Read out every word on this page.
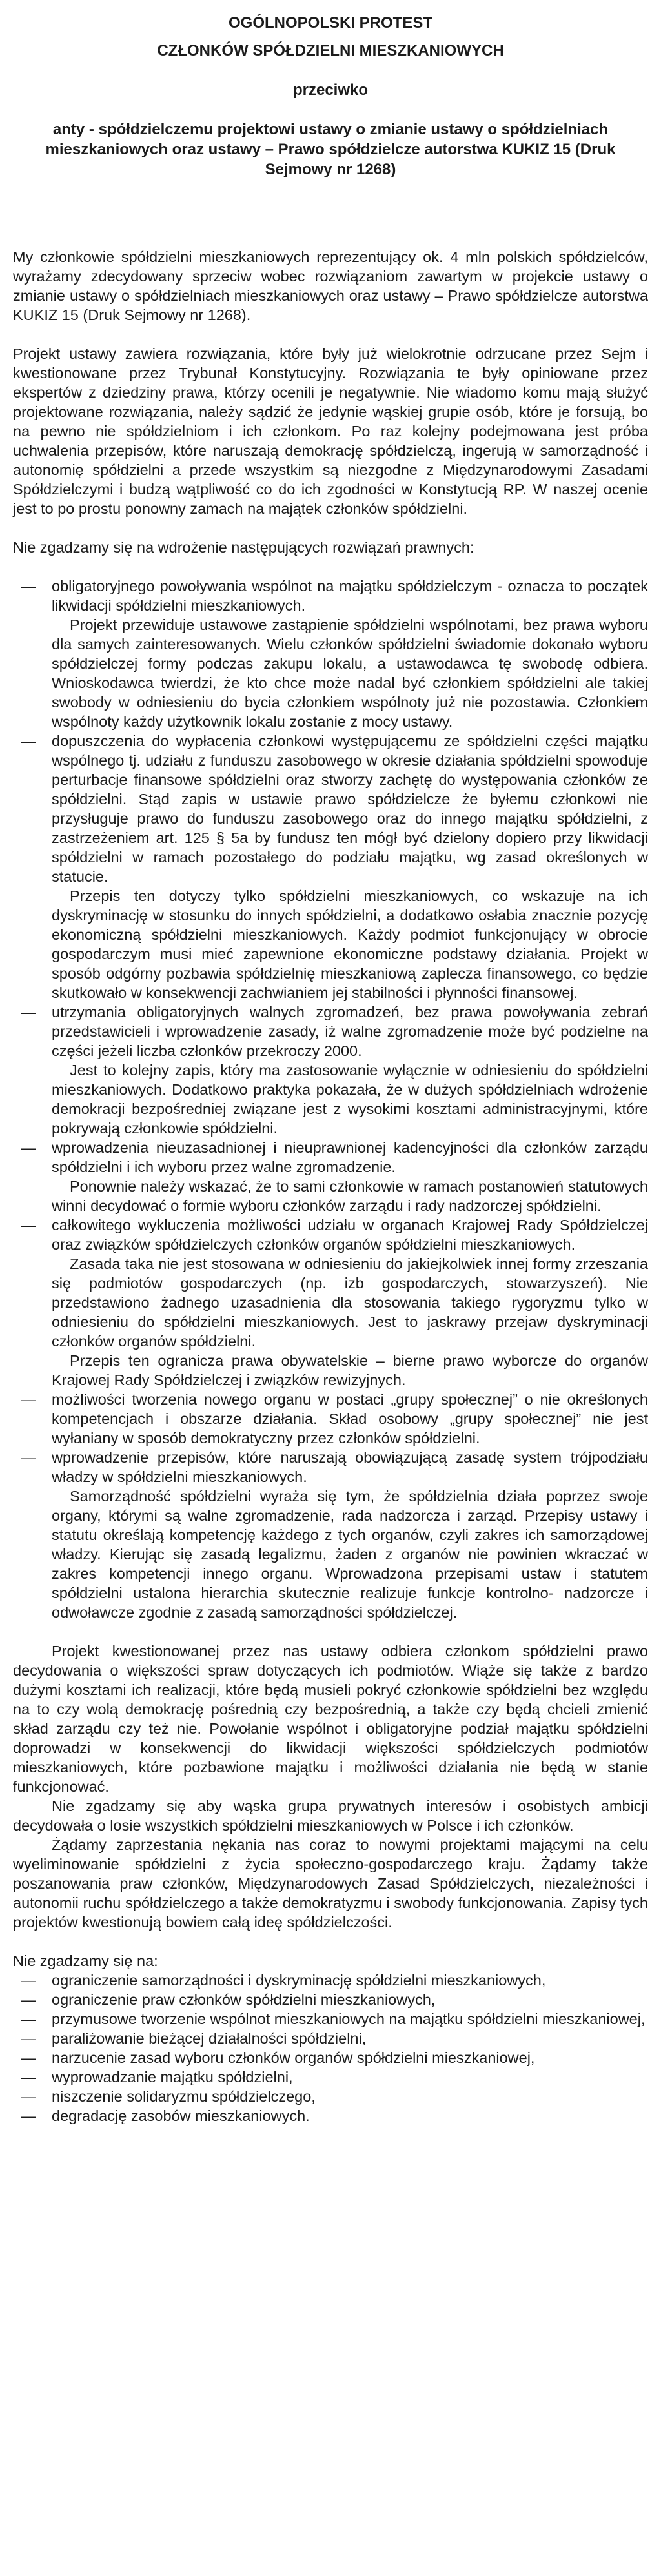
OGÓLNOPOLSKI PROTEST
CZŁONKÓW SPÓŁDZIELNI MIESZKANIOWYCH
przeciwko
anty - spółdzielczemu projektowi ustawy o zmianie ustawy o spółdzielniach mieszkaniowych oraz ustawy – Prawo spółdzielcze autorstwa KUKIZ 15 (Druk Sejmowy nr 1268)

My członkowie spółdzielni mieszkaniowych reprezentujący ok. 4 mln polskich spółdzielców, wyrażamy zdecydowany sprzeciw wobec rozwiązaniom zawartym w projekcie ustawy o zmianie ustawy o spółdzielniach mieszkaniowych oraz ustawy – Prawo spółdzielcze autorstwa KUKIZ 15 (Druk Sejmowy nr 1268).

Projekt ustawy zawiera rozwiązania, które były już wielokrotnie odrzucane przez Sejm i kwestionowane przez Trybunał Konstytucyjny. Rozwiązania te były opiniowane przez ekspertów z dziedziny prawa, którzy ocenili je negatywnie. Nie wiadomo komu mają służyć projektowane rozwiązania, należy sądzić że jedynie wąskiej grupie osób, które je forsują, bo na pewno nie spółdzielniom i ich członkom. Po raz kolejny podejmowana jest próba uchwalenia przepisów, które naruszają demokrację spółdzielczą, ingerują w samorządność i autonomię spółdzielni a przede wszystkim są niezgodne z Międzynarodowymi Zasadami Spółdzielczymi i budzą wątpliwość co do ich zgodności w Konstytucją RP. W naszej ocenie jest to po prostu ponowny zamach na majątek członków spółdzielni.

Nie zgadzamy się na wdrożenie następujących rozwiązań prawnych:

— obligatoryjnego powoływania wspólnot na majątku spółdzielczym - oznacza to początek likwidacji spółdzielni mieszkaniowych.

Projekt przewiduje ustawowe zastąpienie spółdzielni wspólnotami, bez prawa wyboru dla samych zainteresowanych. Wielu członków spółdzielni świadomie dokonało wyboru spółdzielczej formy podczas zakupu lokalu, a ustawodawca tę swobodę odbiera. Wnioskodawca twierdzi, że kto chce może nadal być członkiem spółdzielni ale takiej swobody w odniesieniu do bycia członkiem wspólnoty już nie pozostawia. Członkiem wspólnoty każdy użytkownik lokalu zostanie z mocy ustawy.

— dopuszczenia do wypłacenia członkowi występującemu ze spółdzielni części majątku wspólnego tj. udziału z funduszu zasobowego w okresie działania spółdzielni spowoduje perturbacje finansowe spółdzielni oraz stworzy zachętę do występowania członków ze spółdzielni. Stąd zapis w ustawie prawo spółdzielcze że byłemu członkowi nie przysługuje prawo do funduszu zasobowego oraz do innego majątku spółdzielni, z zastrzeżeniem art. 125 § 5a by fundusz ten mógł być dzielony dopiero przy likwidacji spółdzielni w ramach pozostałego do podziału majątku, wg zasad określonych w statucie.

Przepis ten dotyczy tylko spółdzielni mieszkaniowych, co wskazuje na ich dyskryminację w stosunku do innych spółdzielni, a dodatkowo osłabia znacznie pozycję ekonomiczną spółdzielni mieszkaniowych. Każdy podmiot funkcjonujący w obrocie gospodarczym musi mieć zapewnione ekonomiczne podstawy działania. Projekt w sposób odgórny pozbawia spółdzielnię mieszkaniową zaplecza finansowego, co będzie skutkowało w konsekwencji zachwianiem jej stabilności i płynności finansowej.

— utrzymania obligatoryjnych walnych zgromadzeń, bez prawa powoływania zebrań przedstawicieli i wprowadzenie zasady, iż walne zgromadzenie może być podzielne na części jeżeli liczba członków przekroczy 2000.

Jest to kolejny zapis, który ma zastosowanie wyłącznie w odniesieniu do spółdzielni mieszkaniowych. Dodatkowo praktyka pokazała, że w dużych spółdzielniach wdrożenie demokracji bezpośredniej związane jest z wysokimi kosztami administracyjnymi, które pokrywają członkowie spółdzielni.

— wprowadzenia nieuzasadnionej i nieuprawnionej kadencyjności dla członków zarządu spółdzielni i ich wyboru przez walne zgromadzenie.

Ponownie należy wskazać, że to sami członkowie w ramach postanowień statutowych winni decydować o formie wyboru członków zarządu i rady nadzorczej spółdzielni.

— całkowitego wykluczenia możliwości udziału w organach Krajowej Rady Spółdzielczej oraz związków spółdzielczych członków organów spółdzielni mieszkaniowych.

Zasada taka nie jest stosowana w odniesieniu do jakiejkolwiek innej formy zrzeszania się podmiotów gospodarczych (np. izb gospodarczych, stowarzyszeń). Nie przedstawiono żadnego uzasadnienia dla stosowania takiego rygoryzmu tylko w odniesieniu do spółdzielni mieszkaniowych. Jest to jaskrawy przejaw dyskryminacji członków organów spółdzielni.

Przepis ten ogranicza prawa obywatelskie – bierne prawo wyborcze do organów Krajowej Rady Spółdzielczej i związków rewizyjnych.

— możliwości tworzenia nowego organu w postaci „grupy społecznej” o nie określonych kompetencjach i obszarze działania. Skład osobowy „grupy społecznej” nie jest wyłaniany w sposób demokratyczny przez członków spółdzielni.

— wprowadzenie przepisów, które naruszają obowiązującą zasadę system trójpodziału władzy w spółdzielni mieszkaniowych.

Samorządność spółdzielni wyraża się tym, że spółdzielnia działa poprzez swoje organy, którymi są walne zgromadzenie, rada nadzorcza i zarząd. Przepisy ustawy i statutu określają kompetencję każdego z tych organów, czyli zakres ich samorządowej władzy. Kierując się zasadą legalizmu, żaden z organów nie powinien wkraczać w zakres kompetencji innego organu. Wprowadzona przepisami ustaw i statutem spółdzielni ustalona hierarchia skutecznie realizuje funkcje kontrolno- nadzorcze i odwoławcze zgodnie z zasadą samorządności spółdzielczej.

Projekt kwestionowanej przez nas ustawy odbiera członkom spółdzielni prawo decydowania o większości spraw dotyczących ich podmiotów. Wiąże się także z bardzo dużymi kosztami ich realizacji, które będą musieli pokryć członkowie spółdzielni bez względu na to czy wolą demokrację pośrednią czy bezpośrednią, a także czy będą chcieli zmienić skład zarządu czy też nie. Powołanie wspólnot i obligatoryjne podział majątku spółdzielni doprowadzi w konsekwencji do likwidacji większości spółdzielczych podmiotów mieszkaniowych, które pozbawione majątku i możliwości działania nie będą w stanie funkcjonować.

Nie zgadzamy się aby wąska grupa prywatnych interesów i osobistych ambicji decydowała o losie wszystkich spółdzielni mieszkaniowych w Polsce i ich członków.

Żądamy zaprzestania nękania nas coraz to nowymi projektami mającymi na celu wyeliminowanie spółdzielni z życia społeczno-gospodarczego kraju. Żądamy także poszanowania praw członków, Międzynarodowych Zasad Spółdzielczych, niezależności i autonomii ruchu spółdzielczego a także demokratyzmu i swobody funkcjonowania. Zapisy tych projektów kwestionują bowiem całą ideę spółdzielczości.

Nie zgadzamy się na:

— ograniczenie samorządności i dyskryminację spółdzielni mieszkaniowych,
— ograniczenie praw członków spółdzielni mieszkaniowych,
— przymusowe tworzenie wspólnot mieszkaniowych na majątku spółdzielni mieszkaniowej,
— paraliżowanie bieżącej działalności spółdzielni,
— narzucenie zasad wyboru członków organów spółdzielni mieszkaniowej,
— wyprowadzanie majątku spółdzielni,
— niszczenie solidaryzmu spółdzielczego,
— degradację zasobów mieszkaniowych.
